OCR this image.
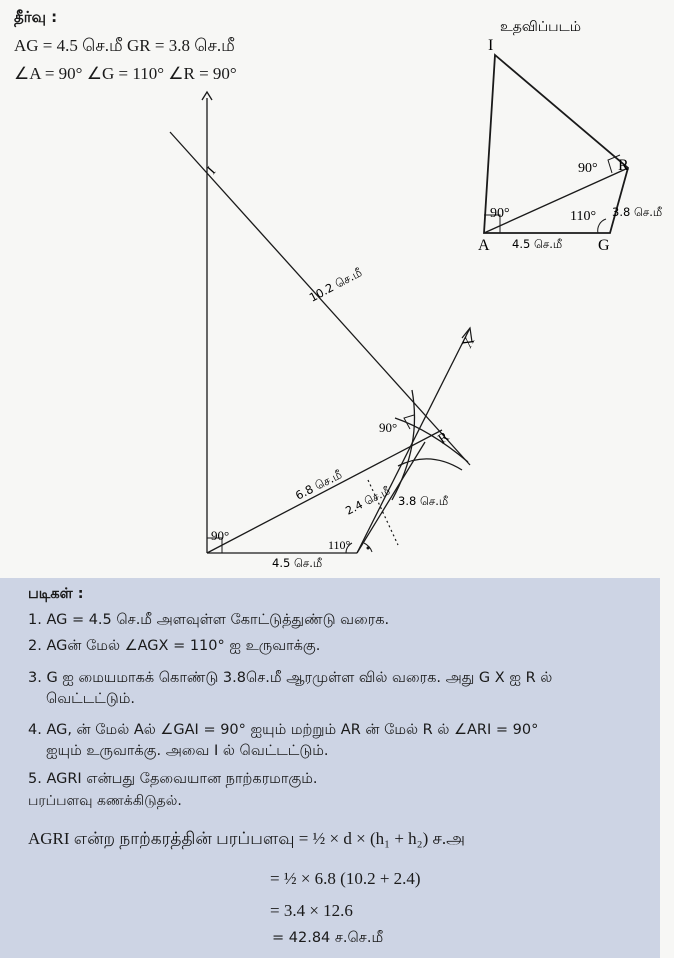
தீர்வு :
AG = 4.5 செ.மீ GR = 3.8 செ.மீ
∠A = 90° ∠G = 110° ∠R = 90°
உதவிப்படம்
I
R
A	G
90°
90°	110° 3.8 செ.மீ
4.5 செ.மீ
I
X
R
10.2 செ.மீ
6.8 செ.மீ 2.4 செ.மீ 3.8 செ.மீ
4.5 செ.மீ
90°
90°
110°
படிகள் :
1. AG = 4.5 செ.மீ அளவுள்ள கோட்டுத்துண்டு வரைக.
2. AGன் மேல் ∠AGX = 110° ஐ உருவாக்கு.
3. G ஐ மையமாகக் கொண்டு 3.8செ.மீ ஆரமுள்ள வில் வரைக. அது G X ஐ R ல்
வெட்டட்டும்.
4. AG, ன் மேல் Aல் ∠GAI = 90° ஐயும் மற்றும் AR ன் மேல் R ல் ∠ARI = 90°
ஐயும் உருவாக்கு. அவை I ல் வெட்டட்டும்.
5. AGRI என்பது தேவையான நாற்கரமாகும்.
பரப்பளவு கணக்கிடுதல்.
AGRI என்ற நாற்கரத்தின் பரப்பளவு = ½ × d × (h₁ + h₂) ச.அ
= ½ × 6.8 (10.2 + 2.4)
= 3.4 × 12.6
= 42.84 ச.செ.மீ
